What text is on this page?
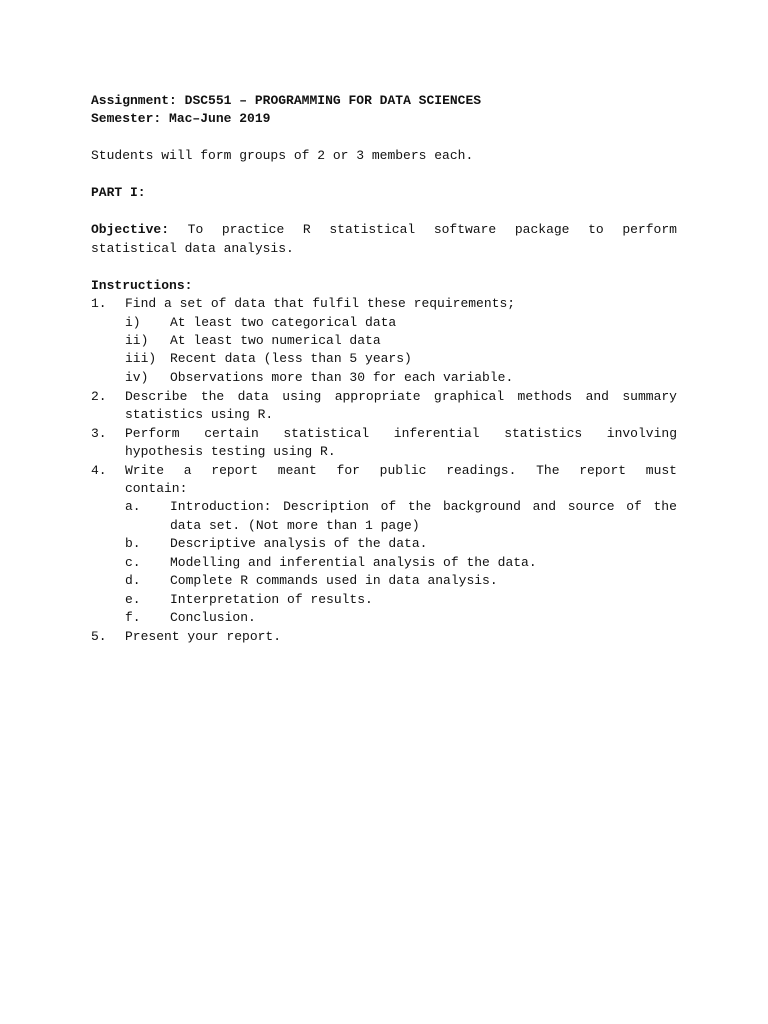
Assignment: DSC551 – PROGRAMMING FOR DATA SCIENCES
Semester: Mac–June 2019
Students will form groups of 2 or 3 members each.
PART I:
Objective: To practice R statistical software package to perform
statistical data analysis.
Instructions:
1. Find a set of data that fulfil these requirements;
i) At least two categorical data
ii) At least two numerical data
iii) Recent data (less than 5 years)
iv) Observations more than 30 for each variable.
2. Describe the data using appropriate graphical methods and summary
statistics using R.
3. Perform certain statistical inferential statistics involving
hypothesis testing using R.
4. Write a report meant for public readings. The report must
contain:
a. Introduction: Description of the background and source of the
data set. (Not more than 1 page)
b. Descriptive analysis of the data.
c. Modelling and inferential analysis of the data.
d. Complete R commands used in data analysis.
e. Interpretation of results.
f. Conclusion.
5. Present your report.
